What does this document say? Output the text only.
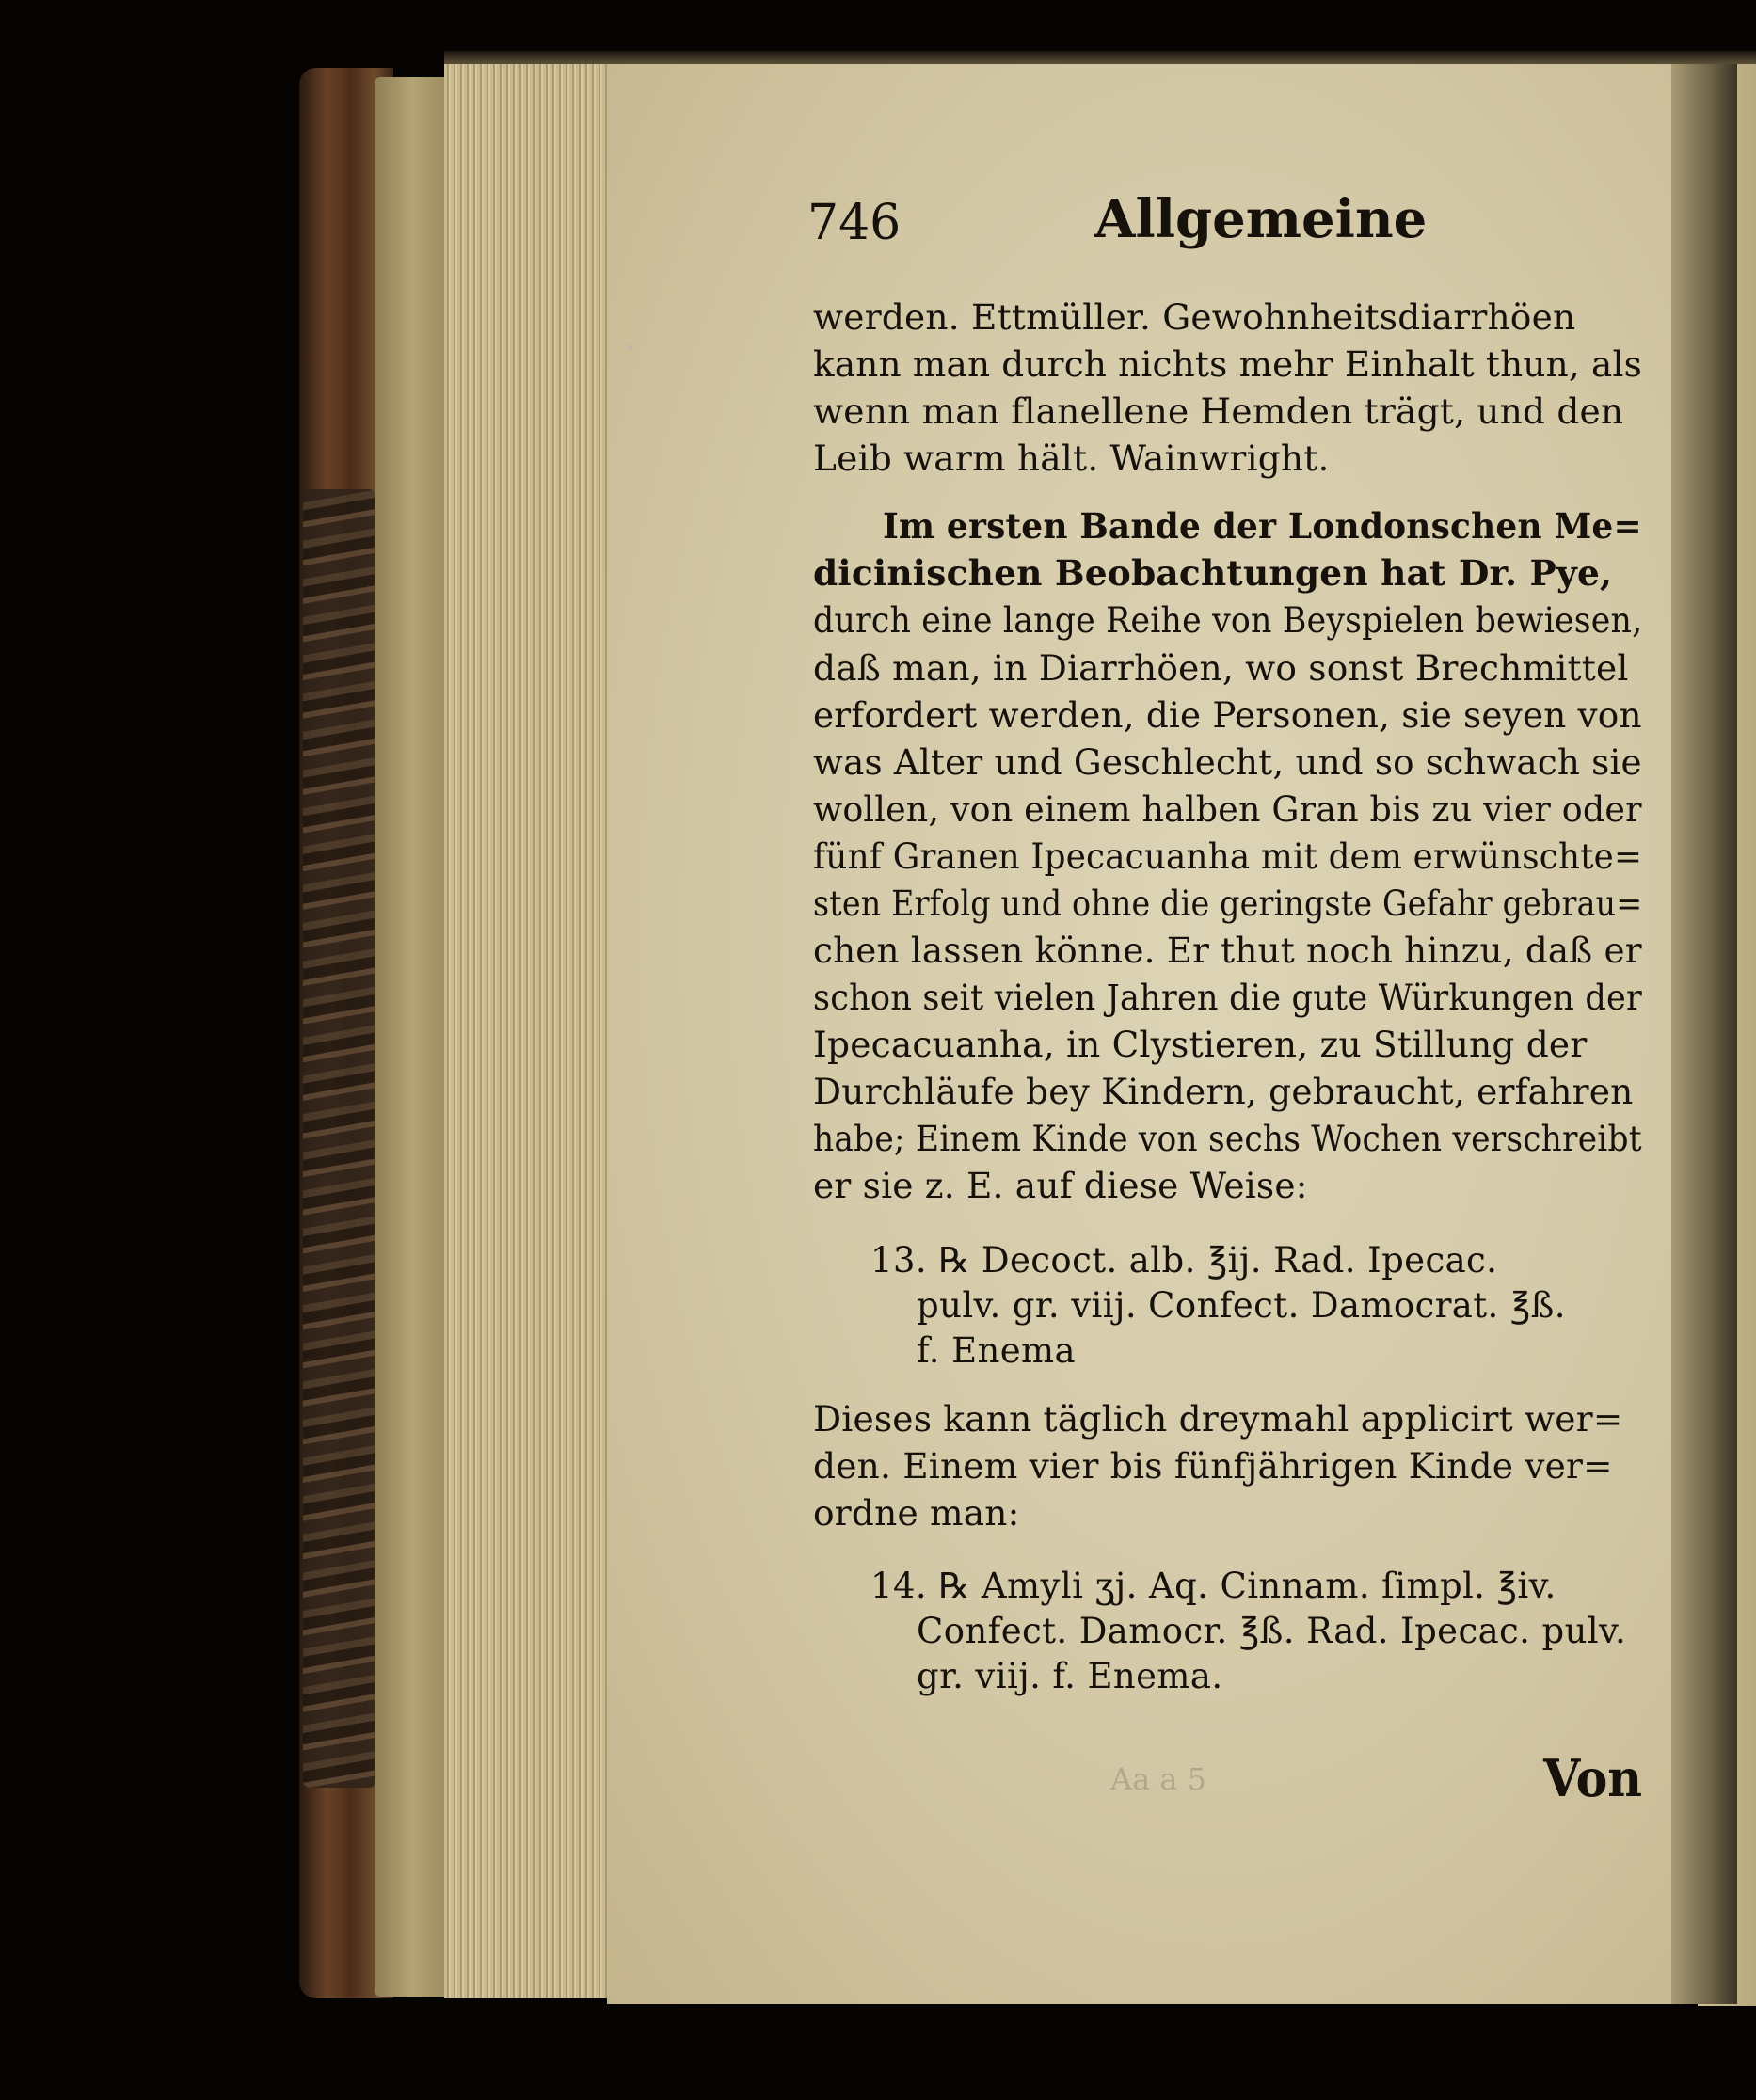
746	Allgemeine
werden. Ettmüller. Gewohnheitsdiarrhöen
kann man durch nichts mehr Einhalt thun, als
wenn man flanellene Hemden trägt, und den
Leib warm hält. Wainwright.
Im ersten Bande der Londonschen Me=
dicinischen Beobachtungen hat Dr. Pye,
durch eine lange Reihe von Beyspielen bewiesen,
daß man, in Diarrhöen, wo sonst Brechmittel
erfordert werden, die Personen, sie seyen von
was Alter und Geschlecht, und so schwach sie
wollen, von einem halben Gran bis zu vier oder
fünf Granen Ipecacuanha mit dem erwünschte=
sten Erfolg und ohne die geringste Gefahr gebrau=
chen lassen könne. Er thut noch hinzu, daß er
schon seit vielen Jahren die gute Würkungen der
Ipecacuanha, in Clystieren, zu Stillung der
Durchläufe bey Kindern, gebraucht, erfahren
habe; Einem Kinde von sechs Wochen verschreibt
er sie z. E. auf diese Weise:
13. ℞ Decoct. alb. ℥ij. Rad. Ipecac.
pulv. gr. viij. Confect. Damocrat. ℥ß.
f. Enema
Dieses kann täglich dreymahl applicirt wer=
den. Einem vier bis fünfjährigen Kinde ver=
ordne man:
14. ℞ Amyli ʒj. Aq. Cinnam. ſimpl. ℥iv.
Confect. Damocr. ℥ß. Rad. Ipecac. pulv.
gr. viij. f. Enema.
Aa a 5	Von
